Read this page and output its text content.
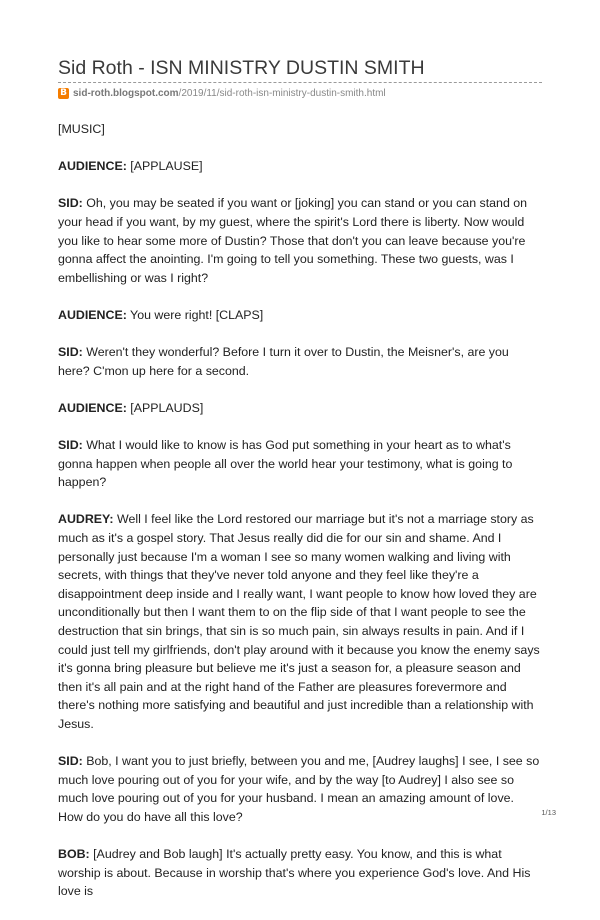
Sid Roth - ISN MINISTRY DUSTIN SMITH
B sid-roth.blogspot.com/2019/11/sid-roth-isn-ministry-dustin-smith.html

[MUSIC]

AUDIENCE: [APPLAUSE]

SID: Oh, you may be seated if you want or [joking] you can stand or you can stand on your head if you want, by my guest, where the spirit's Lord there is liberty. Now would you like to hear some more of Dustin? Those that don't you can leave because you're gonna affect the anointing. I'm going to tell you something. These two guests, was I embellishing or was I right?

AUDIENCE: You were right! [CLAPS]

SID: Weren't they wonderful? Before I turn it over to Dustin, the Meisner's, are you here? C'mon up here for a second.

AUDIENCE: [APPLAUDS]

SID: What I would like to know is has God put something in your heart as to what's gonna happen when people all over the world hear your testimony, what is going to happen?

AUDREY: Well I feel like the Lord restored our marriage but it's not a marriage story as much as it's a gospel story. That Jesus really did die for our sin and shame. And I personally just because I'm a woman I see so many women walking and living with secrets, with things that they've never told anyone and they feel like they're a disappointment deep inside and I really want, I want people to know how loved they are unconditionally but then I want them to on the flip side of that I want people to see the destruction that sin brings, that sin is so much pain, sin always results in pain. And if I could just tell my girlfriends, don't play around with it because you know the enemy says it's gonna bring pleasure but believe me it's just a season for, a pleasure season and then it's all pain and at the right hand of the Father are pleasures forevermore and there's nothing more satisfying and beautiful and just incredible than a relationship with Jesus.

SID: Bob, I want you to just briefly, between you and me, [Audrey laughs] I see, I see so much love pouring out of you for your wife, and by the way [to Audrey] I also see so much love pouring out of you for your husband. I mean an amazing amount of love. How do you do have all this love?

BOB: [Audrey and Bob laugh] It's actually pretty easy. You know, and this is what worship is about. Because in worship that's where you experience God's love. And His love is

1/13
